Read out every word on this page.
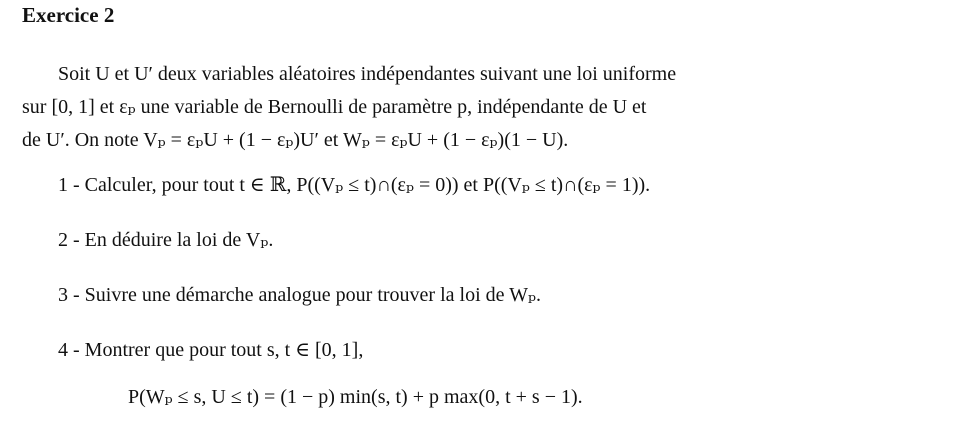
Exercice 2

Soit U et U′ deux variables aléatoires indépendantes suivant une loi uniforme
sur [0, 1] et εₚ une variable de Bernoulli de paramètre p, indépendante de U et
de U′. On note Vₚ = εₚU + (1 − εₚ)U′ et Wₚ = εₚU + (1 − εₚ)(1 − U).

1 - Calculer, pour tout t ∈ ℝ, P((Vₚ ≤ t)∩(εₚ = 0)) et P((Vₚ ≤ t)∩(εₚ = 1)).

2 - En déduire la loi de Vₚ.

3 - Suivre une démarche analogue pour trouver la loi de Wₚ.

4 - Montrer que pour tout s, t ∈ [0, 1],

P(Wₚ ≤ s, U ≤ t) = (1 − p) min(s, t) + p max(0, t + s − 1).
